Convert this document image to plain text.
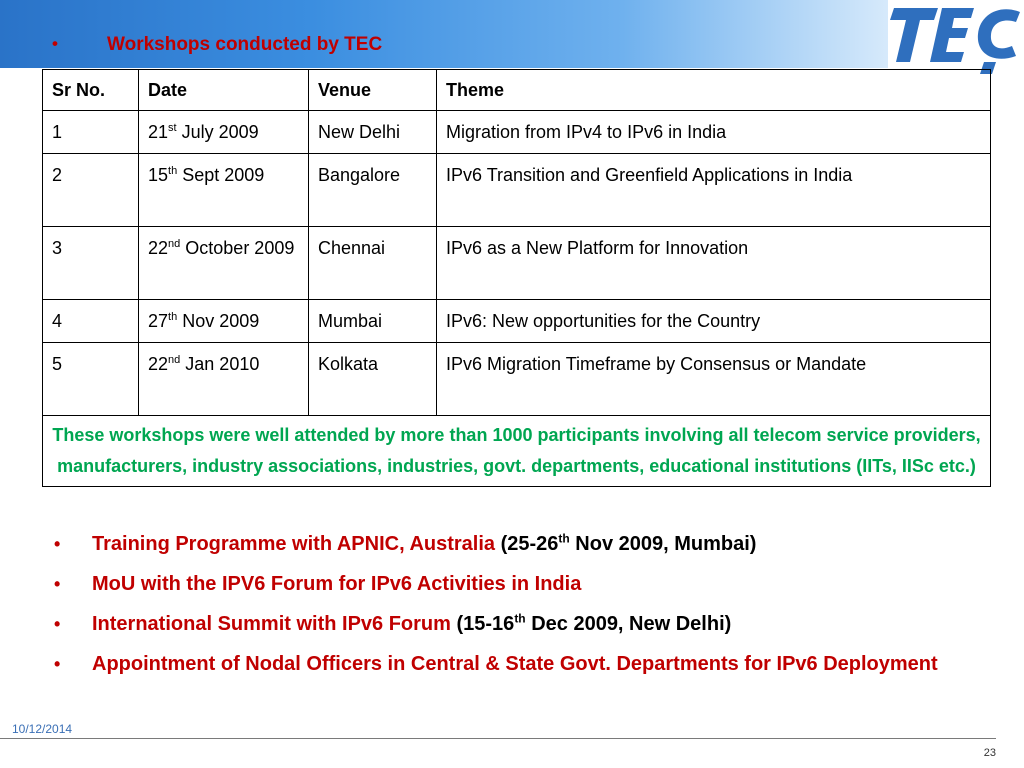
•	Workshops conducted by TEC
Sr No.	Date	Venue	Theme
1	21st July 2009	New Delhi	Migration from IPv4 to IPv6 in India
2	15th Sept 2009	Bangalore	IPv6 Transition and Greenfield Applications in India
3	22nd October 2009	Chennai	IPv6 as a New Platform for Innovation
4	27th Nov 2009	Mumbai	IPv6: New opportunities for the Country
5	22nd Jan 2010	Kolkata	IPv6 Migration Timeframe by Consensus or Mandate
These workshops were well attended by more than 1000 participants involving all telecom service providers, manufacturers, industry associations, industries, govt. departments, educational institutions (IITs, IISc etc.)			
• Training Programme with APNIC, Australia (25-26th Nov 2009, Mumbai)
• MoU with the IPV6 Forum for IPv6 Activities in India
• International Summit with IPv6 Forum (15-16th Dec 2009, New Delhi)
• Appointment of Nodal Officers in Central & State Govt. Departments for IPv6 Deployment
10/12/2014
23
